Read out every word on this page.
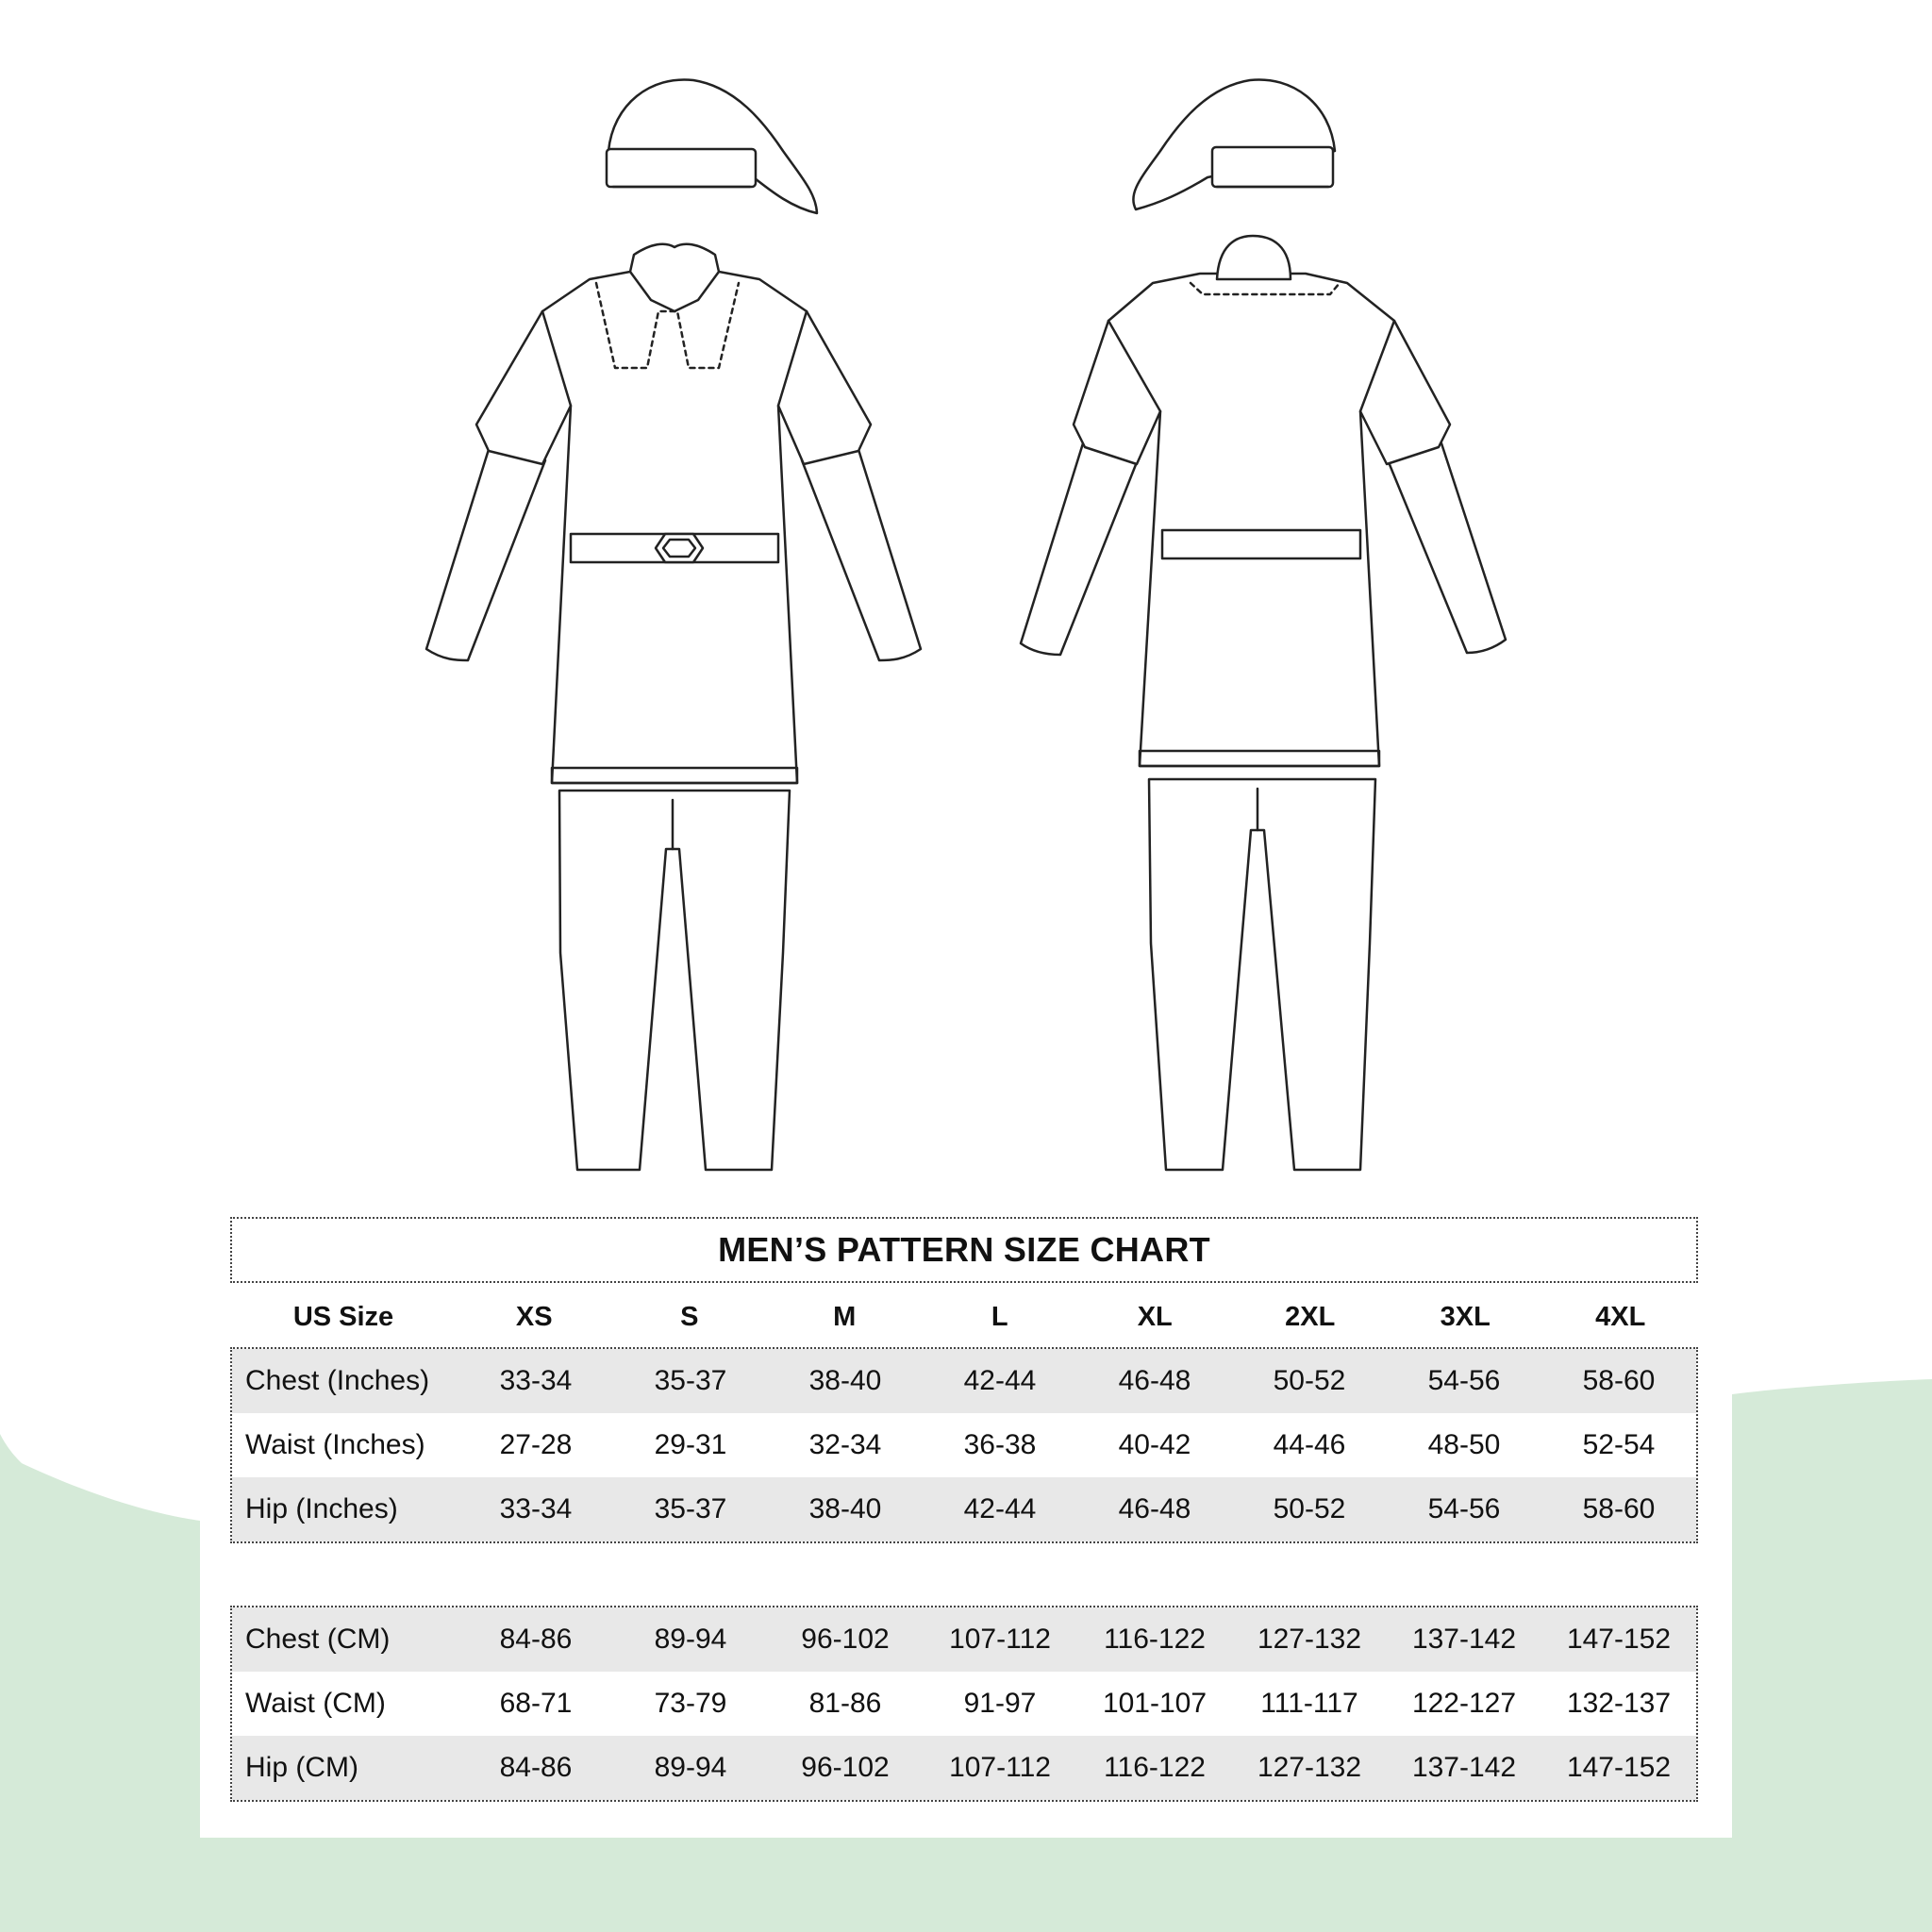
MEN’S PATTERN SIZE CHART
US Size	XS	S	M	L	XL	2XL	3XL	4XL
Chest (Inches)	33-34	35-37	38-40	42-44	46-48	50-52	54-56	58-60
Waist (Inches)	27-28	29-31	32-34	36-38	40-42	44-46	48-50	52-54
Hip (Inches)	33-34	35-37	38-40	42-44	46-48	50-52	54-56	58-60
Chest (CM)	84-86	89-94	96-102	107-112	116-122	127-132	137-142	147-152
Waist (CM)	68-71	73-79	81-86	91-97	101-107	111-117	122-127	132-137
Hip (CM)	84-86	89-94	96-102	107-112	116-122	127-132	137-142	147-152
